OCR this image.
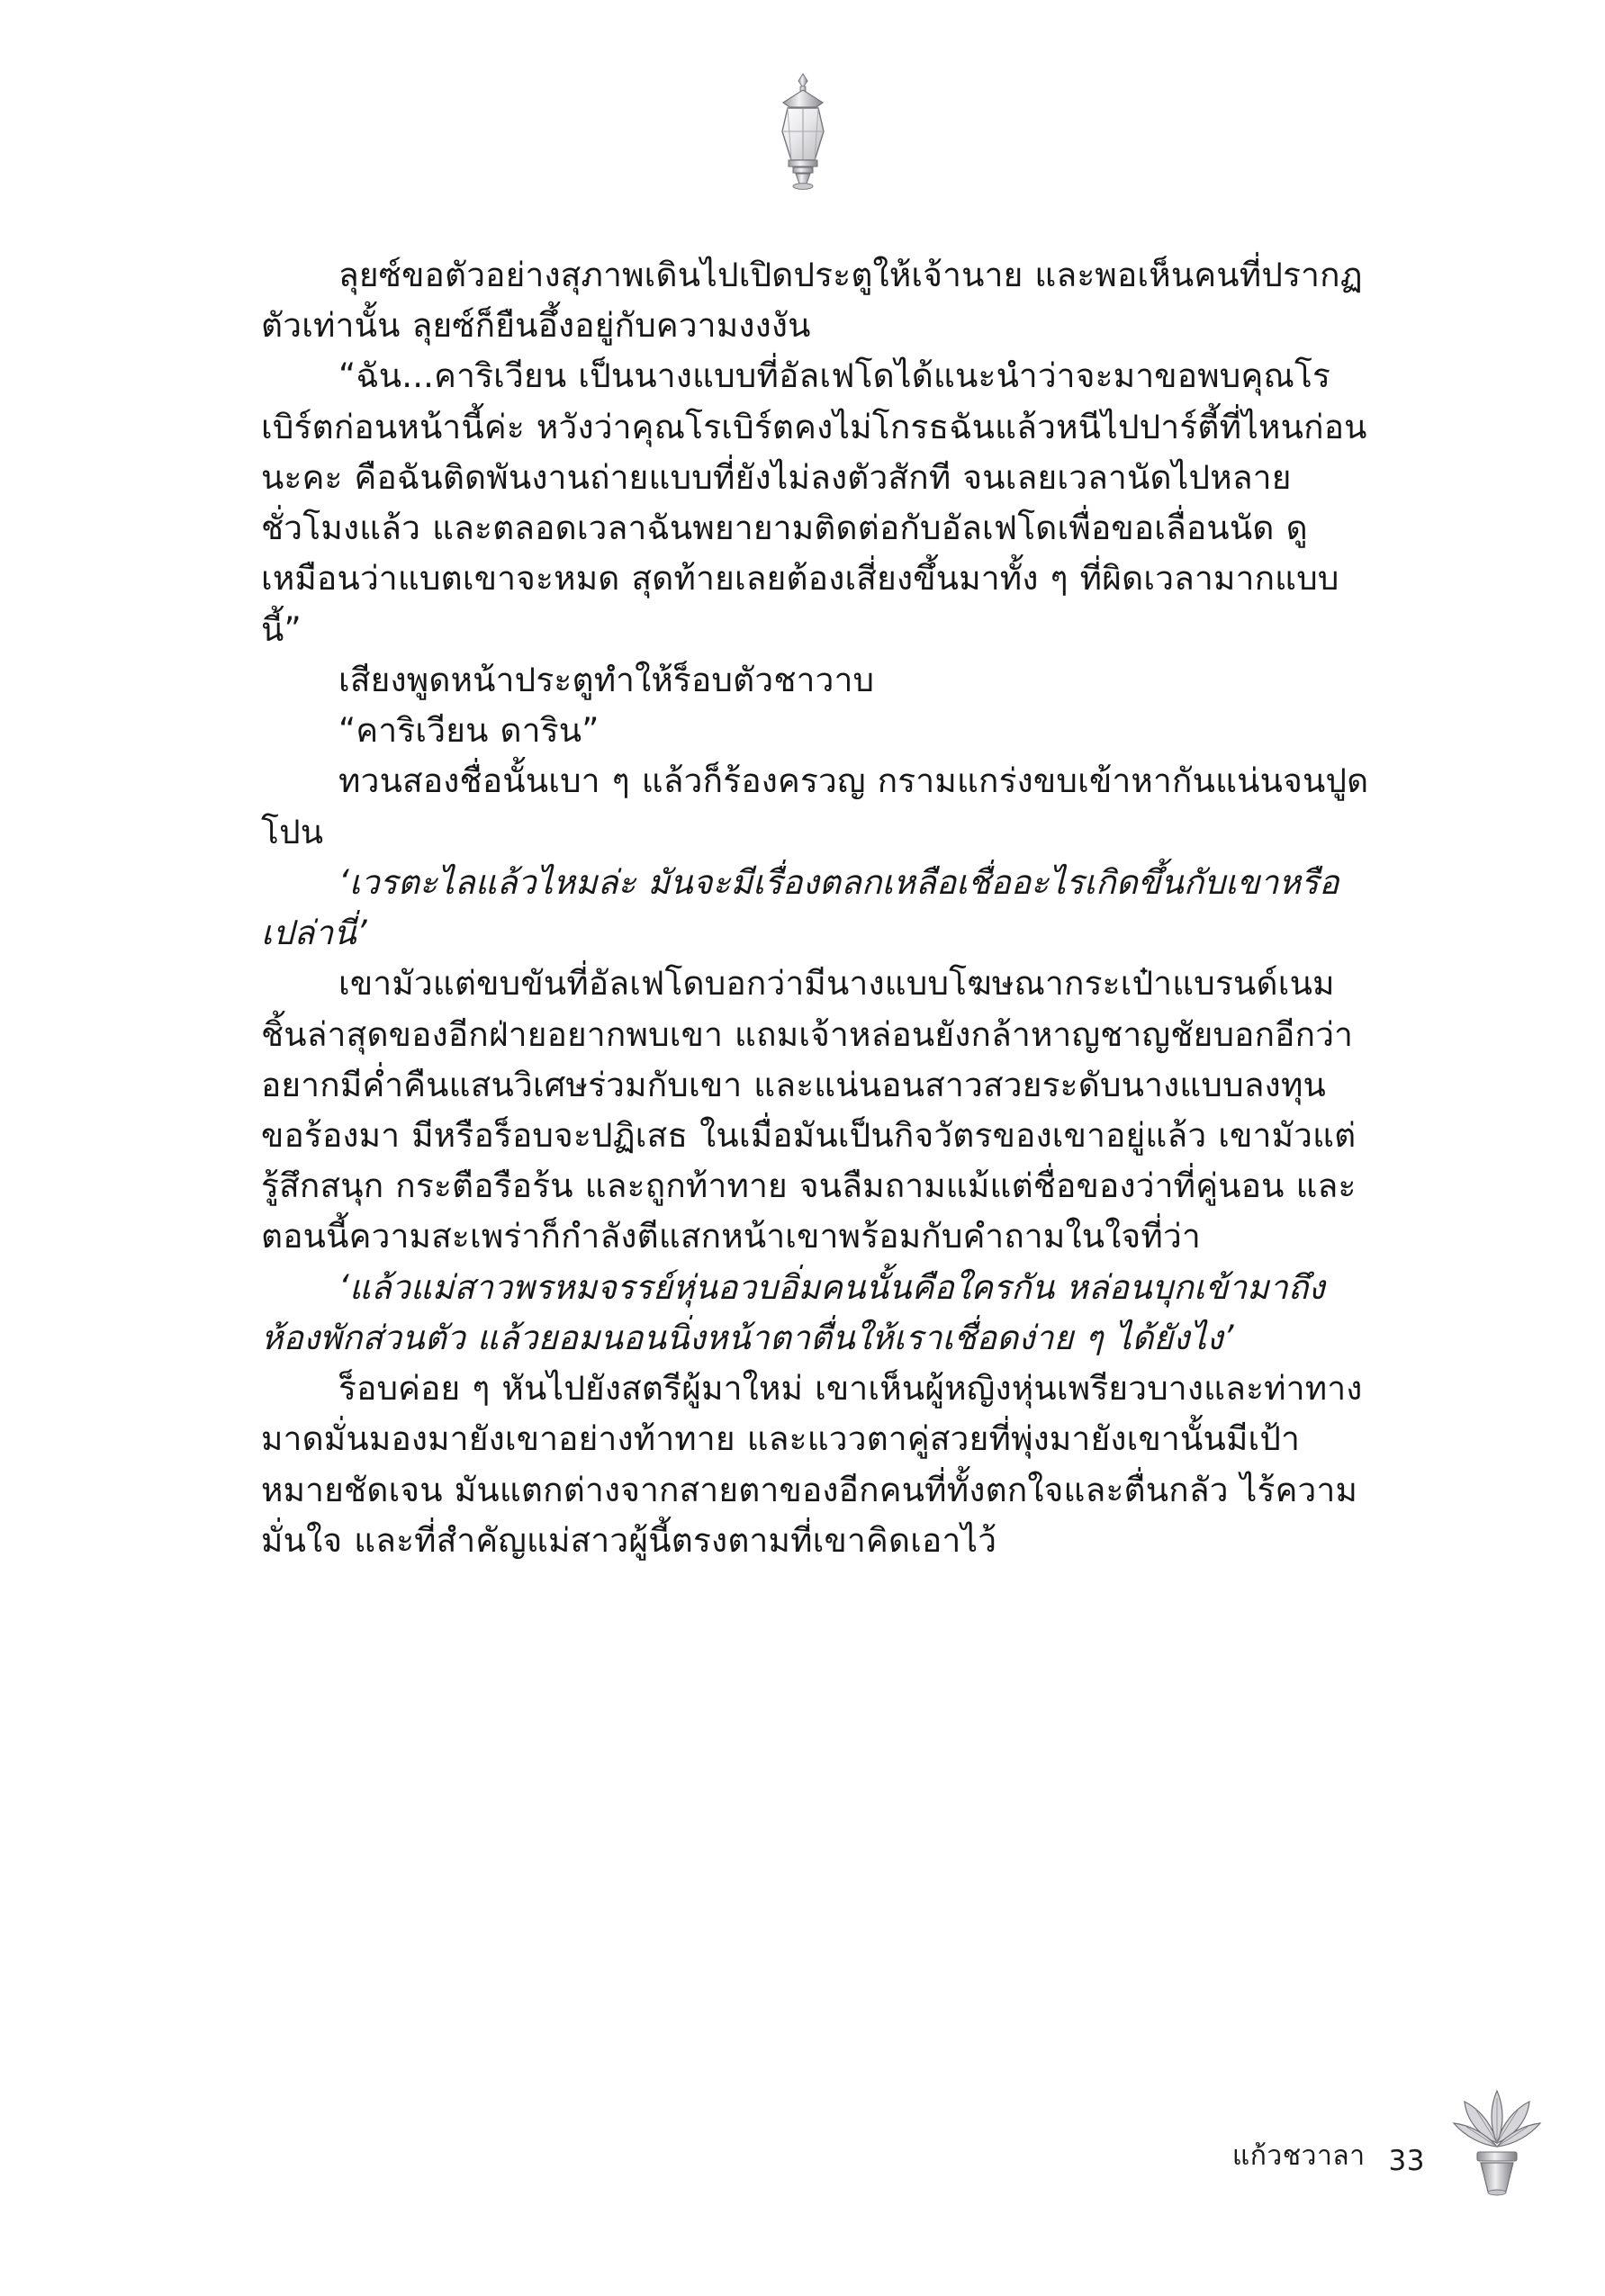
ลุยซ์ขอตัวอย่างสุภาพเดินไปเปิดประตูให้เจ้านาย และพอเห็นคนที่ปรากฏตัวเท่านั้น ลุยซ์ก็ยืนอึ้งอยู่กับความงงงัน

“ฉัน...คาริเวียน เป็นนางแบบที่อัลเฟโดได้แนะนำว่าจะมาขอพบคุณโรเบิร์ตก่อนหน้านี้ค่ะ หวังว่าคุณโรเบิร์ตคงไม่โกรธฉันแล้วหนีไปปาร์ตี้ที่ไหนก่อนนะคะ คือฉันติดพันงานถ่ายแบบที่ยังไม่ลงตัวสักที จนเลยเวลานัดไปหลายชั่วโมงแล้ว และตลอดเวลาฉันพยายามติดต่อกับอัลเฟโดเพื่อขอเลื่อนนัด ดูเหมือนว่าแบตเขาจะหมด สุดท้ายเลยต้องเสี่ยงขึ้นมาทั้ง ๆ ที่ผิดเวลามากแบบนี้”

เสียงพูดหน้าประตูทำให้ร็อบตัวชาวาบ

“คาริเวียน ดาริน”

ทวนสองชื่อนั้นเบา ๆ แล้วก็ร้องครวญ กรามแกร่งขบเข้าหากันแน่นจนปูดโปน

‘เวรตะไลแล้วไหมล่ะ มันจะมีเรื่องตลกเหลือเชื่ออะไรเกิดขึ้นกับเขาหรือเปล่านี่’

เขามัวแต่ขบขันที่อัลเฟโดบอกว่ามีนางแบบโฆษณากระเป๋าแบรนด์เนมชิ้นล่าสุดของอีกฝ่ายอยากพบเขา แถมเจ้าหล่อนยังกล้าหาญชาญชัยบอกอีกว่าอยากมีค่ำคืนแสนวิเศษร่วมกับเขา และแน่นอนสาวสวยระดับนางแบบลงทุนขอร้องมา มีหรือร็อบจะปฏิเสธ ในเมื่อมันเป็นกิจวัตรของเขาอยู่แล้ว เขามัวแต่รู้สึกสนุก กระตือรือร้น และถูกท้าทาย จนลืมถามแม้แต่ชื่อของว่าที่คู่นอน และตอนนี้ความสะเพร่าก็กำลังตีแสกหน้าเขาพร้อมกับคำถามในใจที่ว่า

‘แล้วแม่สาวพรหมจรรย์หุ่นอวบอิ่มคนนั้นคือใครกัน หล่อนบุกเข้ามาถึงห้องพักส่วนตัว แล้วยอมนอนนิ่งหน้าตาตื่นให้เราเชื่อดง่าย ๆ ได้ยังไง’

ร็อบค่อย ๆ หันไปยังสตรีผู้มาใหม่ เขาเห็นผู้หญิงหุ่นเพรียวบางและท่าทางมาดมั่นมองมายังเขาอย่างท้าทาย และแววตาคู่สวยที่พุ่งมายังเขานั้นมีเป้าหมายชัดเจน มันแตกต่างจากสายตาของอีกคนที่ทั้งตกใจและตื่นกลัว ไร้ความมั่นใจ และที่สำคัญแม่สาวผู้นี้ตรงตามที่เขาคิดเอาไว้

แก้วชวาลา 33
